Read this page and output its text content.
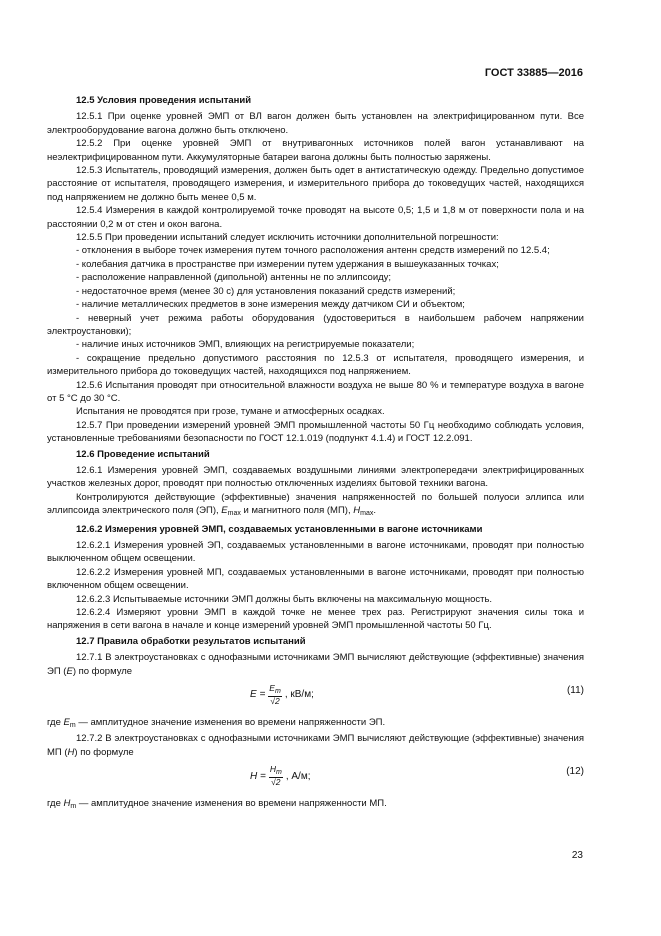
ГОСТ 33885—2016

12.5 Условия проведения испытаний

12.5.1 При оценке уровней ЭМП от ВЛ вагон должен быть установлен на электрифицированном пути. Все электрооборудование вагона должно быть отключено.

12.5.2 При оценке уровней ЭМП от внутривагонных источников полей вагон устанавливают на неэлектрифицированном пути. Аккумуляторные батареи вагона должны быть полностью заряжены.

12.5.3 Испытатель, проводящий измерения, должен быть одет в антистатическую одежду. Предельно допустимое расстояние от испытателя, проводящего измерения, и измерительного прибора до токоведущих частей, находящихся под напряжением не должно быть менее 0,5 м.

12.5.4 Измерения в каждой контролируемой точке проводят на высоте 0,5; 1,5 и 1,8 м от поверхности пола и на расстоянии 0,2 м от стен и окон вагона.

12.5.5 При проведении испытаний следует исключить источники дополнительной погрешности:

- отклонения в выборе точек измерения путем точного расположения антенн средств измерений по 12.5.4;

- колебания датчика в пространстве при измерении путем удержания в вышеуказанных точках;

- расположение направленной (дипольной) антенны не по эллипсоиду;

- недостаточное время (менее 30 с) для установления показаний средств измерений;

- наличие металлических предметов в зоне измерения между датчиком СИ и объектом;

- неверный учет режима работы оборудования (удостовериться в наибольшем рабочем напряжении электроустановки);

- наличие иных источников ЭМП, влияющих на регистрируемые показатели;

- сокращение предельно допустимого расстояния по 12.5.3 от испытателя, проводящего измерения, и измерительного прибора до токоведущих частей, находящихся под напряжением.

12.5.6 Испытания проводят при относительной влажности воздуха не выше 80 % и температуре воздуха в вагоне от 5 °С до 30 °С.

Испытания не проводятся при грозе, тумане и атмосферных осадках.

12.5.7 При проведении измерений уровней ЭМП промышленной частоты 50 Гц необходимо соблюдать условия, установленные требованиями безопасности по ГОСТ 12.1.019 (подпункт 4.1.4) и ГОСТ 12.2.091.

12.6 Проведение испытаний

12.6.1 Измерения уровней ЭМП, создаваемых воздушными линиями электропередачи электрифицированных участков железных дорог, проводят при полностью отключенных изделиях бытовой техники вагона.

Контролируются действующие (эффективные) значения напряженностей по большей полуоси эллипса или эллипсоида электрического поля (ЭП), $E_{max}$ и магнитного поля (МП), $H_{max}$.

12.6.2 Измерения уровней ЭМП, создаваемых установленными в вагоне источниками

12.6.2.1 Измерения уровней ЭП, создаваемых установленными в вагоне источниками, проводят при полностью выключенном общем освещении.

12.6.2.2 Измерения уровней МП, создаваемых установленными в вагоне источниками, проводят при полностью включенном общем освещении.

12.6.2.3 Испытываемые источники ЭМП должны быть включены на максимальную мощность.

12.6.2.4 Измеряют уровни ЭМП в каждой точке не менее трех раз. Регистрируют значения силы тока и напряжения в сети вагона в начале и конце измерений уровней ЭМП промышленной частоты 50 Гц.

12.7 Правила обработки результатов испытаний

12.7.1 В электроустановках с однофазными источниками ЭМП вычисляют действующие (эффективные) значения ЭП (E) по формуле

$E = \frac{E_m}{√2}$ , кВ/м;	(11)

где $E_m$ — амплитудное значение изменения во времени напряженности ЭП.

12.7.2 В электроустановках с однофазными источниками ЭМП вычисляют действующие (эффективные) значения МП (H) по формуле

$H = \frac{H_m}{√2}$ , А/м;	(12)

где $H_m$ — амплитудное значение изменения во времени напряженности МП.

23
